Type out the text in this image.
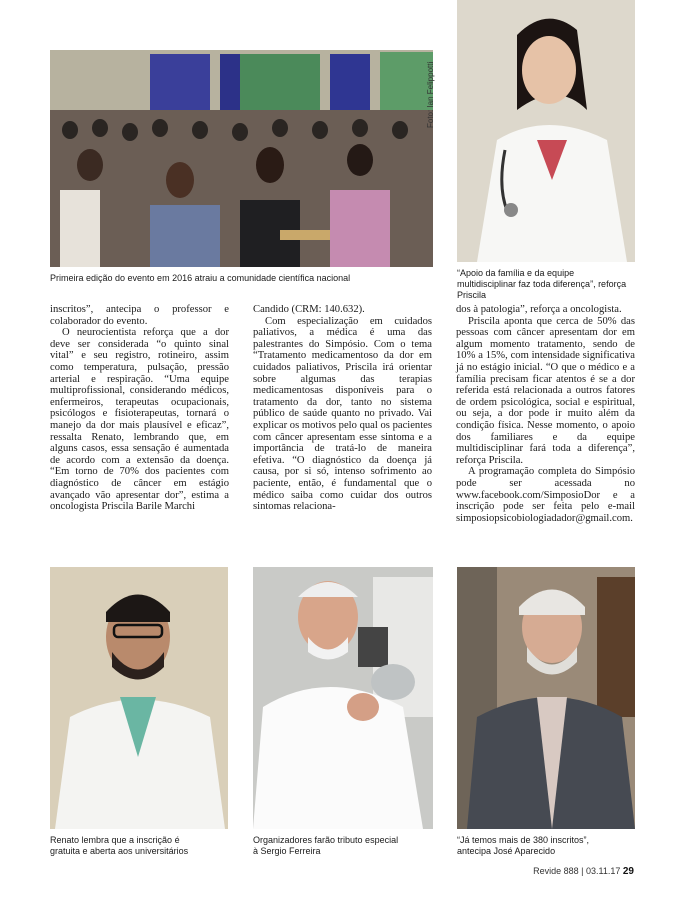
Foto: Ian Felippotti
Primeira edição do evento em 2016 atraiu a comunidade científica nacional	“Apoio da família e da equipe multidisciplinar faz toda diferença”, reforça Priscila

inscritos”, antecipa o professor e colaborador do evento.

O neurocientista reforça que a dor deve ser considerada “o quinto sinal vital” e seu registro, rotineiro, assim como temperatura, pulsação, pressão arterial e respiração. “Uma equipe multiprofissional, considerando médicos, enfermeiros, terapeutas ocupacionais, psicólogos e fisioterapeutas, tornará o manejo da dor mais plausível e eficaz”, ressalta Renato, lembrando que, em alguns casos, essa sensação é aumentada de acordo com a extensão da doença. “Em torno de 70% dos pacientes com diagnóstico de câncer em estágio avançado vão apresentar dor”, estima a oncologista Priscila Barile Marchi

Candido (CRM: 140.632).

Com especialização em cuidados paliativos, a médica é uma das palestrantes do Simpósio. Com o tema “Tratamento medicamentoso da dor em cuidados paliativos, Priscila irá orientar sobre algumas das terapias medicamentosas disponíveis para o tratamento da dor, tanto no sistema público de saúde quanto no privado. Vai explicar os motivos pelo qual os pacientes com câncer apresentam esse sintoma e a importância de tratá-lo de maneira efetiva. “O diagnóstico da doença já causa, por si só, intenso sofrimento ao paciente, então, é fundamental que o médico saiba como cuidar dos outros sintomas relaciona-

dos à patologia”, reforça a oncologista.

Priscila aponta que cerca de 50% das pessoas com câncer apresentam dor em algum momento tratamento, sendo de 10% a 15%, com intensidade significativa já no estágio inicial. “O que o médico e a família precisam ficar atentos é se a dor referida está relacionada a outros fatores de ordem psicológica, social e espiritual, ou seja, a dor pode ir muito além da condição física. Nesse momento, o apoio dos familiares e da equipe multidisciplinar fará toda a diferença”, reforça Priscila.

A programação completa do Simpósio pode ser acessada no www.facebook.com/SimposioDor e a inscrição pode ser feita pelo e-mail simposiopsicobiologiadador@gmail.com.

Renato lembra que a inscrição é gratuita e aberta aos universitários
Organizadores farão tributo especial à Sergio Ferreira
“Já temos mais de 380 inscritos”, antecipa José Aparecido
Revide 888 | 03.11.17 29
